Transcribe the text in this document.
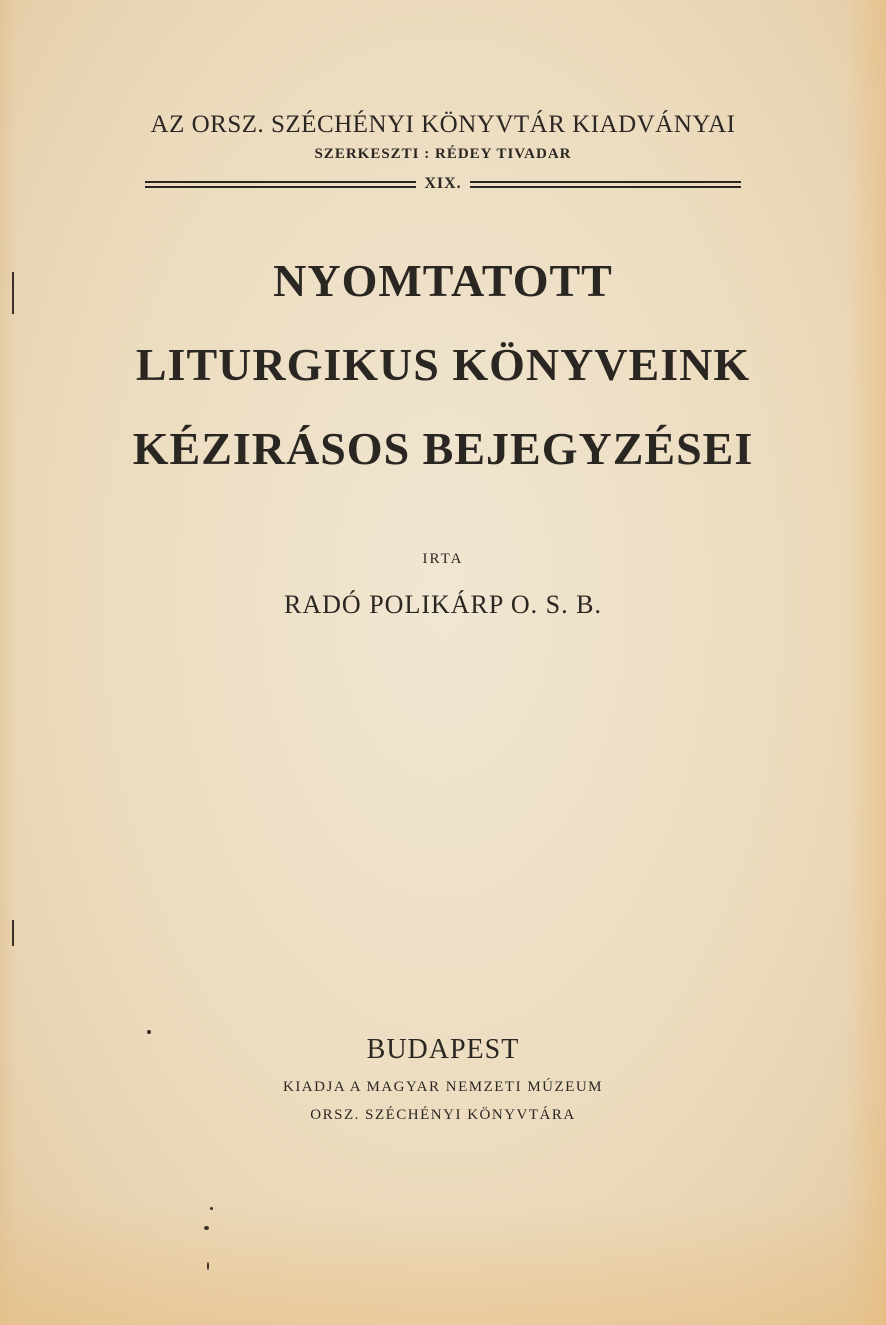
AZ ORSZ. SZÉCHÉNYI KÖNYVTÁR KIADVÁNYAI

SZERKESZTI : RÉDEY TIVADAR

XIX.
NYOMTATOTT
LITURGIKUS KÖNYVEINK
KÉZIRÁSOS BEJEGYZÉSEI

IRTA

RADÓ POLIKÁRP O. S. B.

BUDAPEST

KIADJA A MAGYAR NEMZETI MÚZEUM

ORSZ. SZÉCHÉNYI KÖNYVTÁRA
